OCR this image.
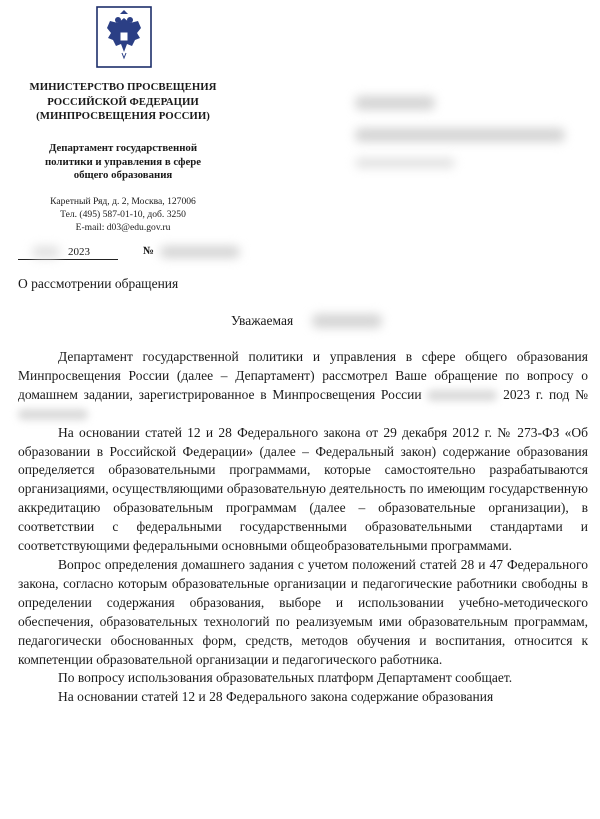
МИНИСТЕРСТВО ПРОСВЕЩЕНИЯ
РОССИЙСКОЙ ФЕДЕРАЦИИ
(МИНПРОСВЕЩЕНИЯ РОССИИ)
Департамент государственной
политики и управления в сфере
общего образования
Каретный Ряд, д. 2, Москва, 127006
Тел. (495) 587-01-10, доб. 3250
E-mail: d03@edu.gov.ru
2023	№
О рассмотрении обращения
Уважаемая

Департамент государственной политики и управления в сфере общего образования Минпросвещения России (далее – Департамент) рассмотрел Ваше обращение по вопросу о домашнем задании, зарегистрированное в Минпросвещения России	2023 г. под №

На основании статей 12 и 28 Федерального закона от 29 декабря 2012 г. № 273-ФЗ «Об образовании в Российской Федерации» (далее – Федеральный закон) содержание образования определяется образовательными программами, которые самостоятельно разрабатываются организациями, осуществляющими образовательную деятельность по имеющим государственную аккредитацию образовательным программам (далее – образовательные организации), в соответствии с федеральными государственными образовательными стандартами и соответствующими федеральными основными общеобразовательными программами.

Вопрос определения домашнего задания с учетом положений статей 28 и 47 Федерального закона, согласно которым образовательные организации и педагогические работники свободны в определении содержания образования, выборе и использовании учебно-методического обеспечения, образовательных технологий по реализуемым ими образовательным программам, педагогически обоснованных форм, средств, методов обучения и воспитания, относится к компетенции образовательной организации и педагогического работника.

По вопросу использования образовательных платформ Департамент сообщает.

На основании статей 12 и 28 Федерального закона содержание образования
